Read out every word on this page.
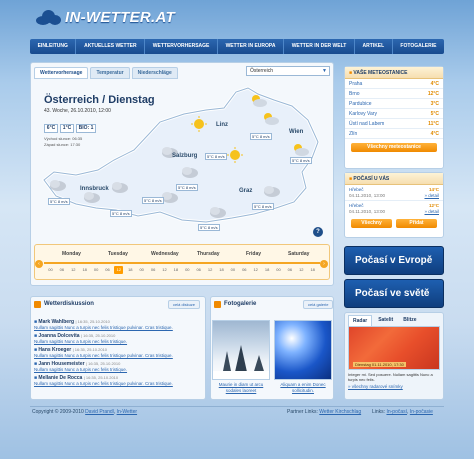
IN-WETTER.AT
EINLEITUNG	AKTUELLES WETTER	WETTERVORHERSAGE	WETTER IN EUROPA	WETTER IN DER WELT	ARTIKEL	FOTOGALERIE
Wettervorhersage	Temperatur	Niederschläge	Österreich	▼
Linz
Wien
Salzburg
Innsbruck	Graz
5°C 8 m/s
5°C 8 m/s
5°C 8 m/s
5°C 8 m/s
5°C 8 m/s
5°C 8 m/s
5°C 8 m/s
5°C 8 m/s
5°C 8 m/s
Österreich / Dienstag
43. Woche, 26.10.2010, 12:00
6°C	1°C	BIO: 1
Východ slunce: 06:35
Západ slunce: 17:30
?
Monday	Tuesday	Wednesday	Thursday	Friday	Saturday
‹	›
00	06	12	18	00	06	12	18	00	06	12	18	00	06	12	18	00	06	12	18	00	06	12	18
■ VAŠE METEOSTANICE
Praha	4°C
Brno	12°C
Pardubice	3°C
Karlovy Vary	5°C
Ústí nad Labem	11°C
Zlín	4°C
Všechny meteostanice
■ POČASÍ U VÁS
Hřebeč	14°C
04.11.2010, 13:00	» detail
Hřebeč	12°C
04.11.2010, 13:00	» detail
Všechny	Přidat
Počasí v Evropě
Počasí ve světě
Radar	Satelit	Blitze
Dienstag 01.11.2010, 17:30
Integer mi. Sed posuere. Nullam sagittis Nunc a turpis nec felis.
» všechny radarové snímky
Wetterdiskussion	celá diskuze
■ Mark Wahlberg | 16:35, 25.10.2010
Nullam sagittis Nunc a turpis nec felis tristique pulvinar. Cras tristique.
■ Joanna Dolcevita | 16:35, 25.10.2010
Nullam sagittis Nunc a turpis nec felis tristique.
■ Hans Kroeger | 16:35, 25.10.2010
Nullam sagittis Nunc a turpis nec felis tristique pulvinar. Cras tristique.
■ Jann Housemeister | 16:35, 25.10.2010
Nullam sagittis Nunc a turpis nec felis tristique.
■ Mellanie De Rocca | 16:35, 25.10.2010
Nullam sagittis Nunc a turpis nec felis tristique pulvinar. Cras tristique.
Fotogalerie	celá galerie
Maurie in diam ut arcu sodales laoreet
Aliquam a enim Donec sollicitudin.
Copyright © 2009-2010 David Prandl, In-Wetter	Partner Links: Wetter Kirchschlag Links: In-počasí, In-počasie
